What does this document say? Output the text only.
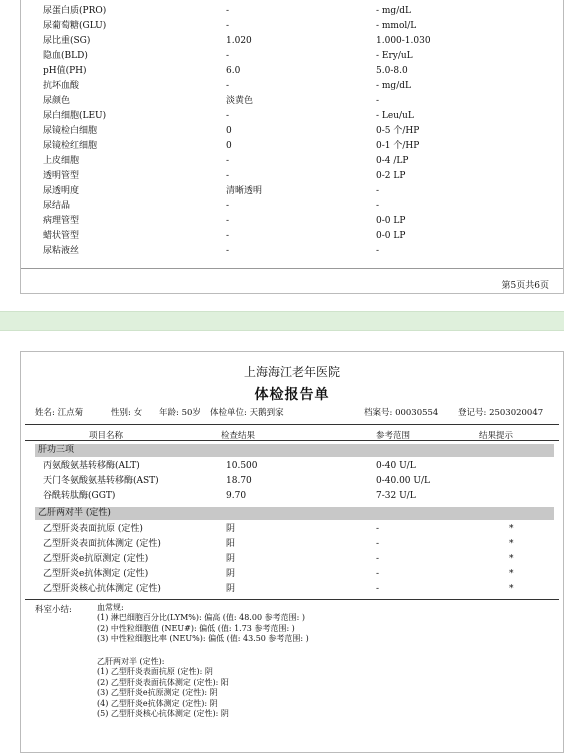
尿蛋白质(PRO)	-	- mg/dL
尿葡萄糖(GLU)	-	- mmol/L
尿比重(SG)	1.020	1.000-1.030
隐血(BLD)	-	- Ery/uL
pH值(PH)	6.0	5.0-8.0
抗坏血酸	-	- mg/dL
尿颜色	淡黄色	-
尿白细胞(LEU)	-	- Leu/uL
尿镜检白细胞	0	0-5 个/HP
尿镜检红细胞	0	0-1 个/HP
上皮细胞	-	0-4 /LP
透明管型	-	0-2 LP
尿透明度	清晰透明	-
尿结晶	-	-
病理管型	-	0-0 LP
蜡状管型	-	0-0 LP
尿粘液丝	-	-
第5页共6页
上海海江老年医院
体检报告单
姓名: 江点菊	性别: 女 年龄: 50岁 体检单位: 天鹅到家	档案号: 00030554 登记号: 2503020047
项目名称	检查结果	参考范围	结果提示
肝功三项
丙氨酸氨基转移酶(ALT)	10.500	0-40 U/L
天门冬氨酸氨基转移酶(AST)	18.70	0-40.00 U/L
谷酰转肽酶(GGT)	9.70	7-32 U/L
乙肝两对半 (定性)
乙型肝炎表面抗原 (定性)	阴	-	*
乙型肝炎表面抗体测定 (定性)	阳	-	*
乙型肝炎e抗原测定 (定性)	阴	-	*
乙型肝炎e抗体测定 (定性)	阴	-	*
乙型肝炎核心抗体测定 (定性)	阴	-	*
科室小结:	血常规:
(1) 淋巴细胞百分比(LYM%): 偏高 (值: 48.00 参考范围: )
(2) 中性粒细胞值 (NEU#): 偏低 (值: 1.73 参考范围: )
(3) 中性粒细胞比率 (NEU%): 偏低 (值: 43.50 参考范围: )
乙肝两对半 (定性):
(1) 乙型肝炎表面抗原 (定性): 阴
(2) 乙型肝炎表面抗体测定 (定性): 阳
(3) 乙型肝炎e抗原测定 (定性): 阴
(4) 乙型肝炎e抗体测定 (定性): 阴
(5) 乙型肝炎核心抗体测定 (定性): 阴
